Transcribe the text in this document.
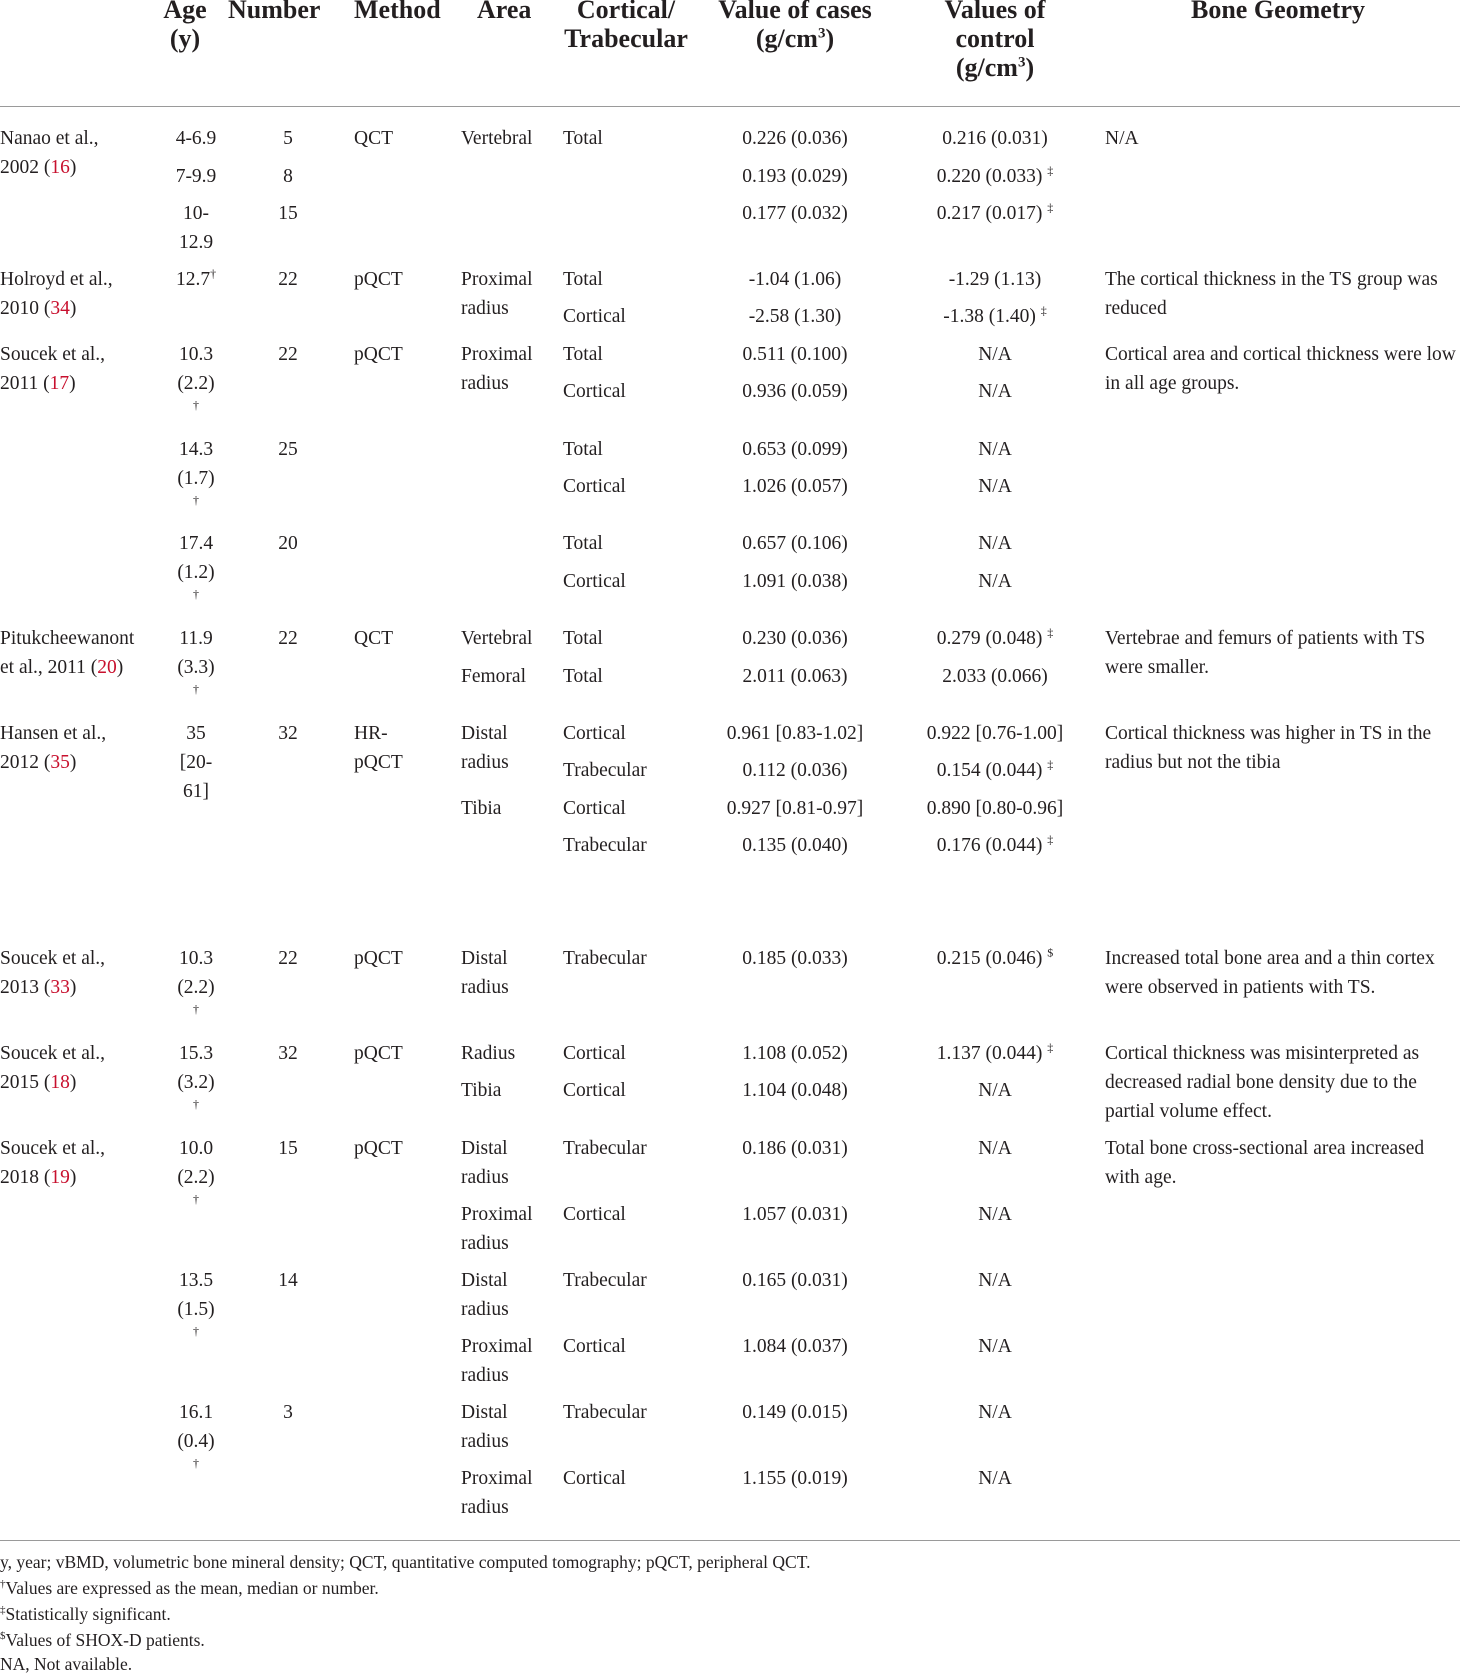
Age
(y)
Number Method Area	Cortical/
Trabecular
Value of cases
$(g/cm^3)$
Values of
control
$(g/cm^3)$
Bone Geometry
Nanao et al.,
2002 (16)
Holroyd et al.,
2010 (34)
Soucek et al.,
2011 (17)
Pitukcheewanont
et al., 2011 (20)
Hansen et al.,
2012 (35)
Soucek et al.,
2013 (33)
Soucek et al.,
2015 (18)
Soucek et al.,
2018 (19)
4-6.9
7-9.9
10-
12.9
12.7†
10.3
(2.2)
†
14.3
(1.7)
†
17.4
(1.2)
†
11.9
(3.3)
†
35
[20-
61]
10.3
(2.2)
†
15.3
(3.2)
†
10.0
(2.2)
†
13.5
(1.5)
†
16.1
(0.4)
†
5
8
15
22
22
25
20
22
32
22
32
15
14
3
QCT
pQCT
pQCT
QCT
HR-
pQCT
pQCT
pQCT
pQCT
Vertebral
Proximal
radius
Proximal
radius
Vertebral
Femoral
Distal
radius
Tibia
Distal
radius
Radius
Tibia
Distal
radius
Proximal
radius
Distal
radius
Proximal
radius
Distal
radius
Proximal
radius
Total
Total
Cortical
Total
Cortical
Total
Cortical
Total
Cortical
Total
Total
Cortical
Trabecular
Cortical
Trabecular
Trabecular
Cortical
Cortical
Trabecular
Cortical
Trabecular
Cortical
Trabecular
Cortical
0.226 (0.036)
0.193 (0.029)
0.177 (0.032)
-1.04 (1.06)
-2.58 (1.30)
0.511 (0.100)
0.936 (0.059)
0.653 (0.099)
1.026 (0.057)
0.657 (0.106)
1.091 (0.038)
0.230 (0.036)
2.011 (0.063)
0.961 [0.83-1.02]
0.112 (0.036)
0.927 [0.81-0.97]
0.135 (0.040)
0.185 (0.033)
1.108 (0.052)
1.104 (0.048)
0.186 (0.031)
1.057 (0.031)
0.165 (0.031)
1.084 (0.037)
0.149 (0.015)
1.155 (0.019)
0.216 (0.031)
0.220 (0.033) ‡
0.217 (0.017) ‡
-1.29 (1.13)
-1.38 (1.40) ‡
N/A
N/A
N/A
N/A
N/A
N/A
0.279 (0.048) ‡
2.033 (0.066)
0.922 [0.76-1.00]
0.154 (0.044) ‡
0.890 [0.80-0.96]
0.176 (0.044) ‡
0.215 (0.046) $
1.137 (0.044) ‡
N/A
N/A
N/A
N/A
N/A
N/A
N/A
N/A
The cortical thickness in the TS group was reduced
Cortical area and cortical thickness were low in all age groups.
Vertebrae and femurs of patients with TS were smaller.
Cortical thickness was higher in TS in the radius but not the tibia
Increased total bone area and a thin cortex were observed in patients with TS.
Cortical thickness was misinterpreted as decreased radial bone density due to the partial volume effect.
Total bone cross-sectional area increased with age.
y, year; vBMD, volumetric bone mineral density; QCT, quantitative computed tomography; pQCT, peripheral QCT.
†Values are expressed as the mean, median or number.
‡Statistically significant.
$Values of SHOX-D patients.
NA, Not available.
